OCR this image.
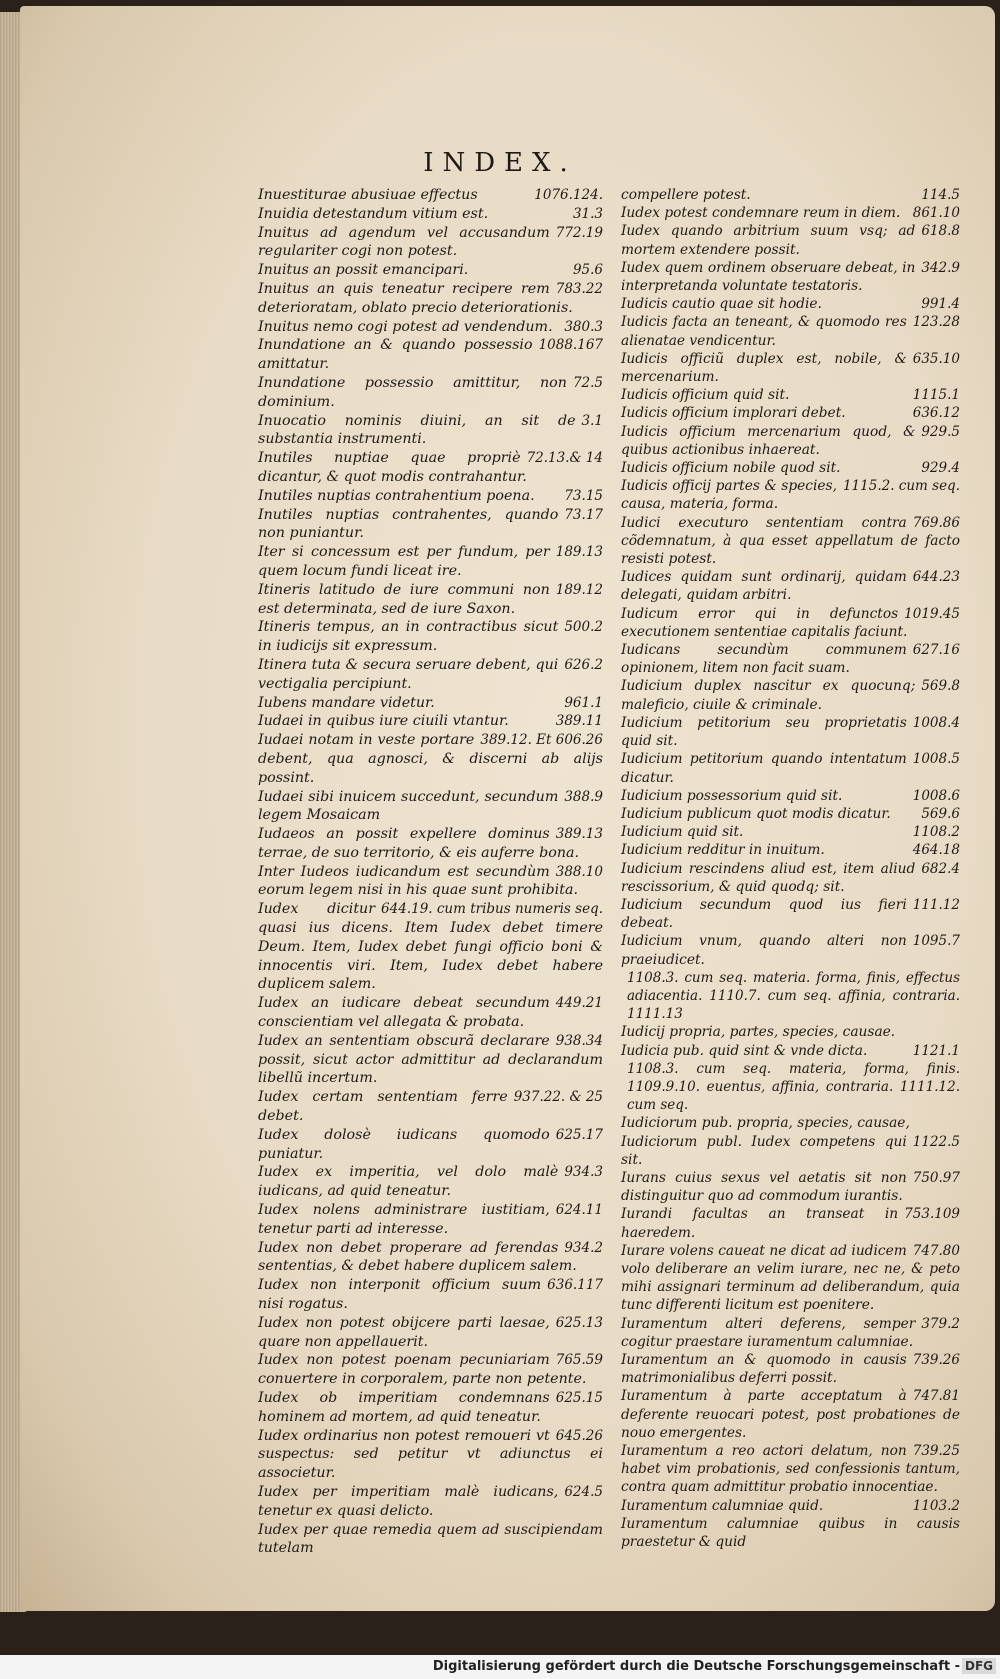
INDEX.
1076.124.
Inuestiturae abusiuae effectus
31.3
Inuidia detestandum vitium est.
772.19
Inuitus ad agendum vel accusandum regulariter cogi non potest.
95.6
Inuitus an possit emancipari.
783.22
Inuitus an quis teneatur recipere rem deterioratam, oblato precio deteriorationis.
380.3
Inuitus nemo cogi potest ad vendendum.
1088.167
Inundatione an & quando possessio amittatur.
72.5
Inundatione possessio amittitur, non dominium.
3.1
Inuocatio nominis diuini, an sit de substantia instrumenti.
72.13.& 14
Inutiles nuptiae quae propriè dicantur, & quot modis contrahantur.
73.15
Inutiles nuptias contrahentium poena.
73.17
Inutiles nuptias contrahentes, quando non puniantur.
189.13
Iter si concessum est per fundum, per quem locum fundi liceat ire.
189.12
Itineris latitudo de iure communi non est determinata, sed de iure Saxon.
500.2
Itineris tempus, an in contractibus sicut in iudicijs sit expressum.
626.2
Itinera tuta & secura seruare debent, qui vectigalia percipiunt.
961.1
Iubens mandare videtur.
389.11
Iudaei in quibus iure ciuili vtantur.
389.12. Et 606.26
Iudaei notam in veste portare debent, qua agnosci, & discerni ab alijs possint.
388.9
Iudaei sibi inuicem succedunt, secundum legem Mosaicam
389.13
Iudaeos an possit expellere dominus terrae, de suo territorio, & eis auferre bona.
388.10
Inter Iudeos iudicandum est secundùm eorum legem nisi in his quae sunt prohibita.
644.19. cum tribus numeris seq.
Iudex dicitur quasi ius dicens. Item Iudex debet timere Deum. Item, Iudex debet fungi officio boni & innocentis viri. Item, Iudex debet habere duplicem salem.
449.21
Iudex an iudicare debeat secundum conscientiam vel allegata & probata.
938.34
Iudex an sententiam obscurã declarare possit, sicut actor admittitur ad declarandum libellũ incertum.
937.22. & 25
Iudex certam sententiam ferre debet.
625.17
Iudex dolosè iudicans quomodo puniatur.
934.3
Iudex ex imperitia, vel dolo malè iudicans, ad quid teneatur.
624.11
Iudex nolens administrare iustitiam, tenetur parti ad interesse.
934.2
Iudex non debet properare ad ferendas sententias, & debet habere duplicem salem.
636.117
Iudex non interponit officium suum nisi rogatus.
625.13
Iudex non potest obijcere parti laesae, quare non appellauerit.
765.59
Iudex non potest poenam pecuniariam conuertere in corporalem, parte non petente.
625.15
Iudex ob imperitiam condemnans hominem ad mortem, ad quid teneatur.
645.26
Iudex ordinarius non potest remoueri vt suspectus: sed petitur vt adiunctus ei associetur.
624.5
Iudex per imperitiam malè iudicans, tenetur ex quasi delicto.
Iudex per quae remedia quem ad suscipiendam tutelam
114.5
compellere potest.
861.10
Iudex potest condemnare reum in diem.
618.8
Iudex quando arbitrium suum vsq; ad mortem extendere possit.
342.9
Iudex quem ordinem obseruare debeat, in interpretanda voluntate testatoris.
991.4
Iudicis cautio quae sit hodie.
123.28
Iudicis facta an teneant, & quomodo res alienatae vendicentur.
635.10
Iudicis officiũ duplex est, nobile, & mercenarium.
1115.1
Iudicis officium quid sit.
636.12
Iudicis officium implorari debet.
929.5
Iudicis officium mercenarium quod, & quibus actionibus inhaereat.
929.4
Iudicis officium nobile quod sit.
1115.2. cum seq.
Iudicis officij partes & species, causa, materia, forma.
769.86
Iudici executuro sententiam contra cõdemnatum, à qua esset appellatum de facto resisti potest.
644.23
Iudices quidam sunt ordinarij, quidam delegati, quidam arbitri.
1019.45
Iudicum error qui in defunctos executionem sententiae capitalis faciunt.
627.16
Iudicans secundùm communem opinionem, litem non facit suam.
569.8
Iudicium duplex nascitur ex quocunq; maleficio, ciuile & criminale.
1008.4
Iudicium petitorium seu proprietatis quid sit.
1008.5
Iudicium petitorium quando intentatum dicatur.
1008.6
Iudicium possessorium quid sit.
569.6
Iudicium publicum quot modis dicatur.
1108.2
Iudicium quid sit.
464.18
Iudicium redditur in inuitum.
682.4
Iudicium rescindens aliud est, item aliud rescissorium, & quid quodq; sit.
111.12
Iudicium secundum quod ius fieri debeat.
1095.7
Iudicium vnum, quando alteri non praeiudicet.
1108.3. cum seq. materia. forma, finis, effectus adiacentia. 1110.7. cum seq. affinia, contraria. 1111.13
Iudicij propria, partes, species, causae.
1121.1
Iudicia pub. quid sint & vnde dicta.
1108.3. cum seq. materia, forma, finis. 1109.9.10. euentus, affinia, contraria. 1111.12. cum seq.
Iudiciorum pub. propria, species, causae,
1122.5
Iudiciorum publ. Iudex competens qui sit.
750.97
Iurans cuius sexus vel aetatis sit non distinguitur quo ad commodum iurantis.
753.109
Iurandi facultas an transeat in haeredem.
747.80
Iurare volens caueat ne dicat ad iudicem volo deliberare an velim iurare, nec ne, & peto mihi assignari terminum ad deliberandum, quia tunc differenti licitum est poenitere.
379.2
Iuramentum alteri deferens, semper cogitur praestare iuramentum calumniae.
739.26
Iuramentum an & quomodo in causis matrimonialibus deferri possit.
747.81
Iuramentum à parte acceptatum à deferente reuocari potest, post probationes de nouo emergentes.
739.25
Iuramentum a reo actori delatum, non habet vim probationis, sed confessionis tantum, contra quam admittitur probatio innocentiae.
1103.2
Iuramentum calumniae quid.
Iuramentum calumniae quibus in causis praestetur & quid
Digitalisierung gefördert durch die Deutsche Forschungsgemeinschaft - DFG
